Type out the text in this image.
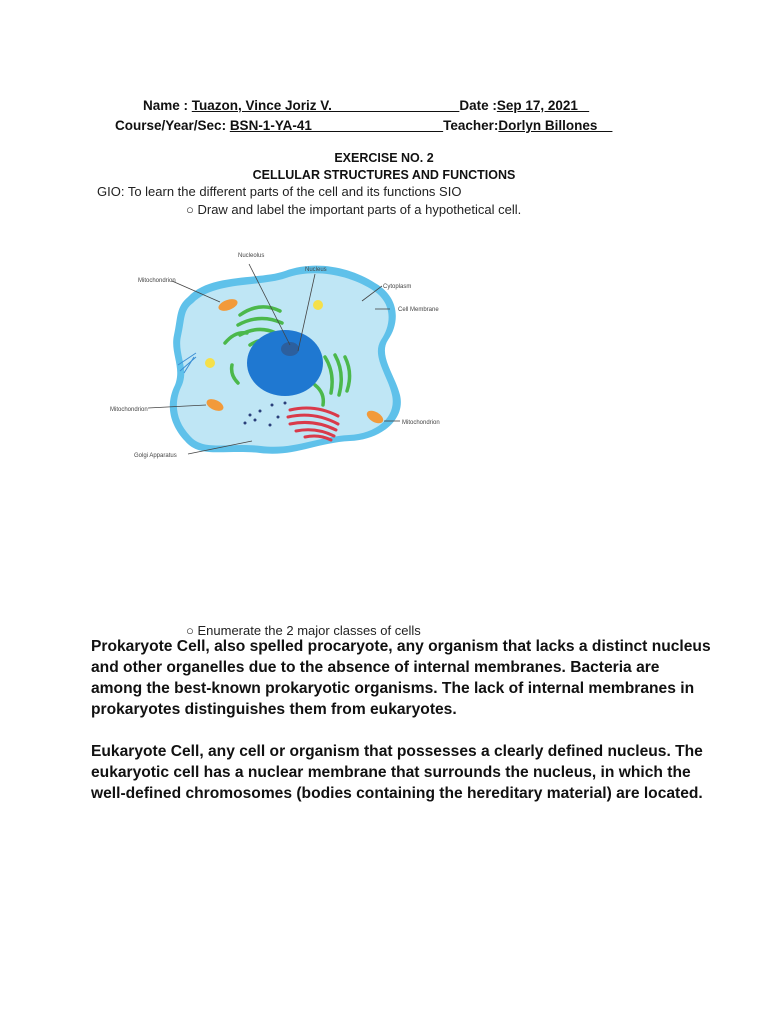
Name : Tuazon, Vince Joriz V.                                  Date :Sep 17, 2021
Course/Year/Sec: BSN-1-YA-41                                   Teacher:Dorlyn Billones
EXERCISE NO. 2
CELLULAR STRUCTURES AND FUNCTIONS
GIO: To learn the different parts of the cell and its functions SIO
○ Draw and label the important parts of a hypothetical cell.
Nucleolus
Nucleus
Cytoplasm
Cell Membrane
Mitochondrion
Mitochondrion
Mitochondrion
Golgi Apparatus
○ Enumerate the 2 major classes of cells

Prokaryote Cell, also spelled procaryote, any organism that lacks a distinct nucleus and other organelles due to the absence of internal membranes. Bacteria are among the best-known prokaryotic organisms. The lack of internal membranes in prokaryotes distinguishes them from eukaryotes.

Eukaryote Cell, any cell or organism that possesses a clearly defined nucleus. The eukaryotic cell has a nuclear membrane that surrounds the nucleus, in which the well-defined chromosomes (bodies containing the hereditary material) are located.
